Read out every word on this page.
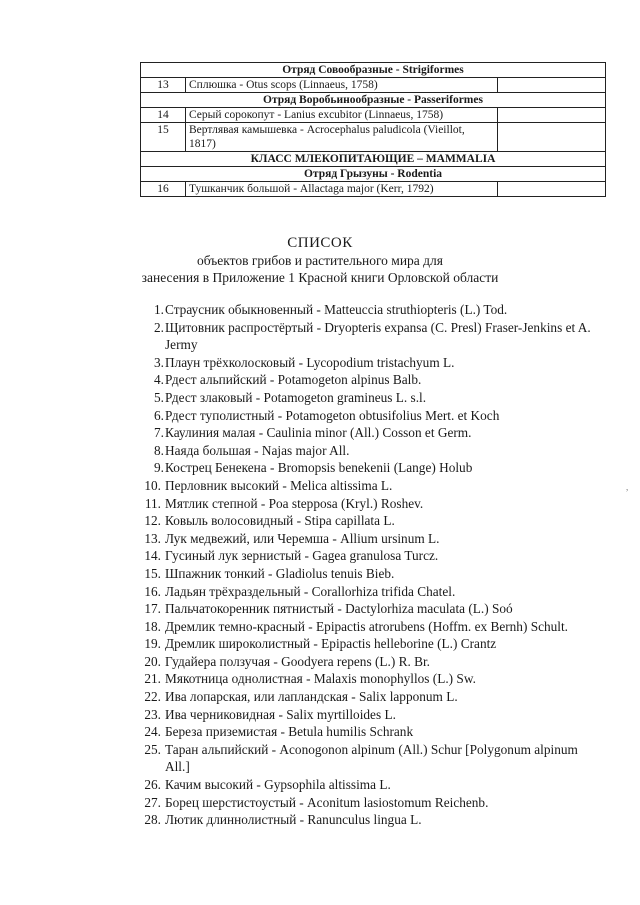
Отряд Совообразные - Strigiformes		
13	Сплюшка - Otus scops (Linnaeus, 1758)	
Отряд Воробьинообразные - Passeriformes		
14	Серый сорокопут - Lanius excubitor (Linnaeus, 1758)	
15	Вертлявая камышевка - Acrocephalus paludicola (Vieillot, 1817)	
КЛАСС МЛЕКОПИТАЮЩИЕ – MAMMALIA		
Отряд Грызуны - Rodentia		
16	Тушканчик большой - Allactaga major (Kerr, 1792)	
СПИСОК
объектов грибов и растительного мира для
занесения в Приложение 1 Красной книги Орловской области
1. Страусник обыкновенный - Matteuccia struthiopteris (L.) Tod.
2. Щитовник распростёртый - Dryopteris expansa (C. Presl) Fraser-Jenkins et A. Jermy
3. Плаун трёхколосковый - Lycopodium tristachyum L.
4. Рдест альпийский - Potamogeton alpinus Balb.
5. Рдест злаковый - Potamogeton gramineus L. s.l.
6. Рдест туполистный - Potamogeton obtusifolius Mert. et Koch
7. Каулиния малая - Caulinia minor (All.) Cosson et Germ.
8. Наяда большая - Najas major All.
9. Кострец Бенекена - Bromopsis benekenii (Lange) Holub
10. Перловник высокий - Melica altissima L.
11. Мятлик степной - Poa stepposa (Kryl.) Roshev.
12. Ковыль волосовидный - Stipa capillata L.
13. Лук медвежий, или Черемша - Allium ursinum L.
14. Гусиный лук зернистый - Gagea granulosa Turcz.
15. Шпажник тонкий - Gladiolus tenuis Bieb.
16. Ладьян трёхраздельный - Corallorhiza trifida Chatel.
17. Пальчатокоренник пятнистый - Dactylorhiza maculata (L.) Soó
18. Дремлик темно-красный - Epipactis atrorubens (Hoffm. ex Bernh) Schult.
19. Дремлик широколистный - Epipactis helleborine (L.) Crantz
20. Гудайера ползучая - Goodyera repens (L.) R. Br.
21. Мякотница однолистная - Malaxis monophyllos (L.) Sw.
22. Ива лопарская, или лапландская - Salix lapponum L.
23. Ива черниковидная - Salix myrtilloides L.
24. Береза приземистая - Betula humilis Schrank
25. Таран альпийский - Aconogonon alpinum (All.) Schur [Polygonum alpinum All.]
26. Качим высокий - Gypsophila altissima L.
27. Борец шерстистоустый - Aconitum lasiostomum Reichenb.
28. Лютик длиннолистный - Ranunculus lingua L.
,
